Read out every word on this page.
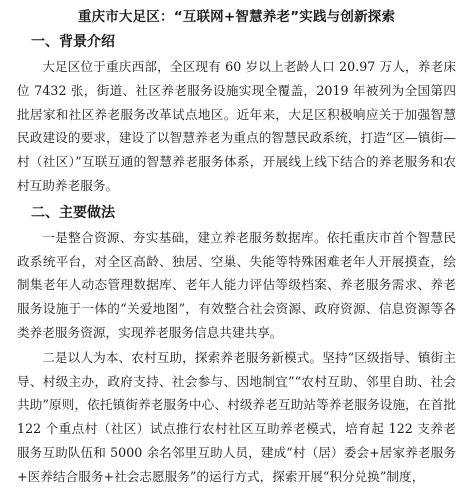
重庆市大足区：“互联网+智慧养老”实践与创新探索
一、背景介绍

大足区位于重庆西部，全区现有 60 岁以上老龄人口 20.97 万人，养老床位 7432 张，街道、社区养老服务设施实现全覆盖，2019 年被列为全国第四批居家和社区养老服务改革试点地区。近年来，大足区积极响应关于加强智慧民政建设的要求，建设了以智慧养老为重点的智慧民政系统，打造“区—镇街—村（社区）”互联互通的智慧养老服务体系，开展线上线下结合的养老服务和农村互助养老服务。

二、主要做法

一是整合资源、夯实基础，建立养老服务数据库。依托重庆市首个智慧民政系统平台，对全区高龄、独居、空巢、失能等特殊困难老年人开展摸查，绘制集老年人动态管理数据库、老年人能力评估等级档案、养老服务需求、养老服务设施于一体的“关爱地图”，有效整合社会资源、政府资源、信息资源等各类养老服务资源，实现养老服务信息共建共享。

二是以人为本、农村互助，探索养老服务新模式。坚持“区级指导、镇街主导、村级主办，政府支持、社会参与、因地制宜”“农村互助、邻里自助、社会共助”原则，依托镇街养老服务中心、村级养老互助站等养老服务设施，在首批 122 个重点村（社区）试点推行农村社区互助养老模式，培育起 122 支养老服务互助队伍和 5000 余名邻里互助人员，建成“村（居）委会+居家养老服务+医养结合服务+社会志愿服务”的运行方式，探索开展“积分兑换”制度，
